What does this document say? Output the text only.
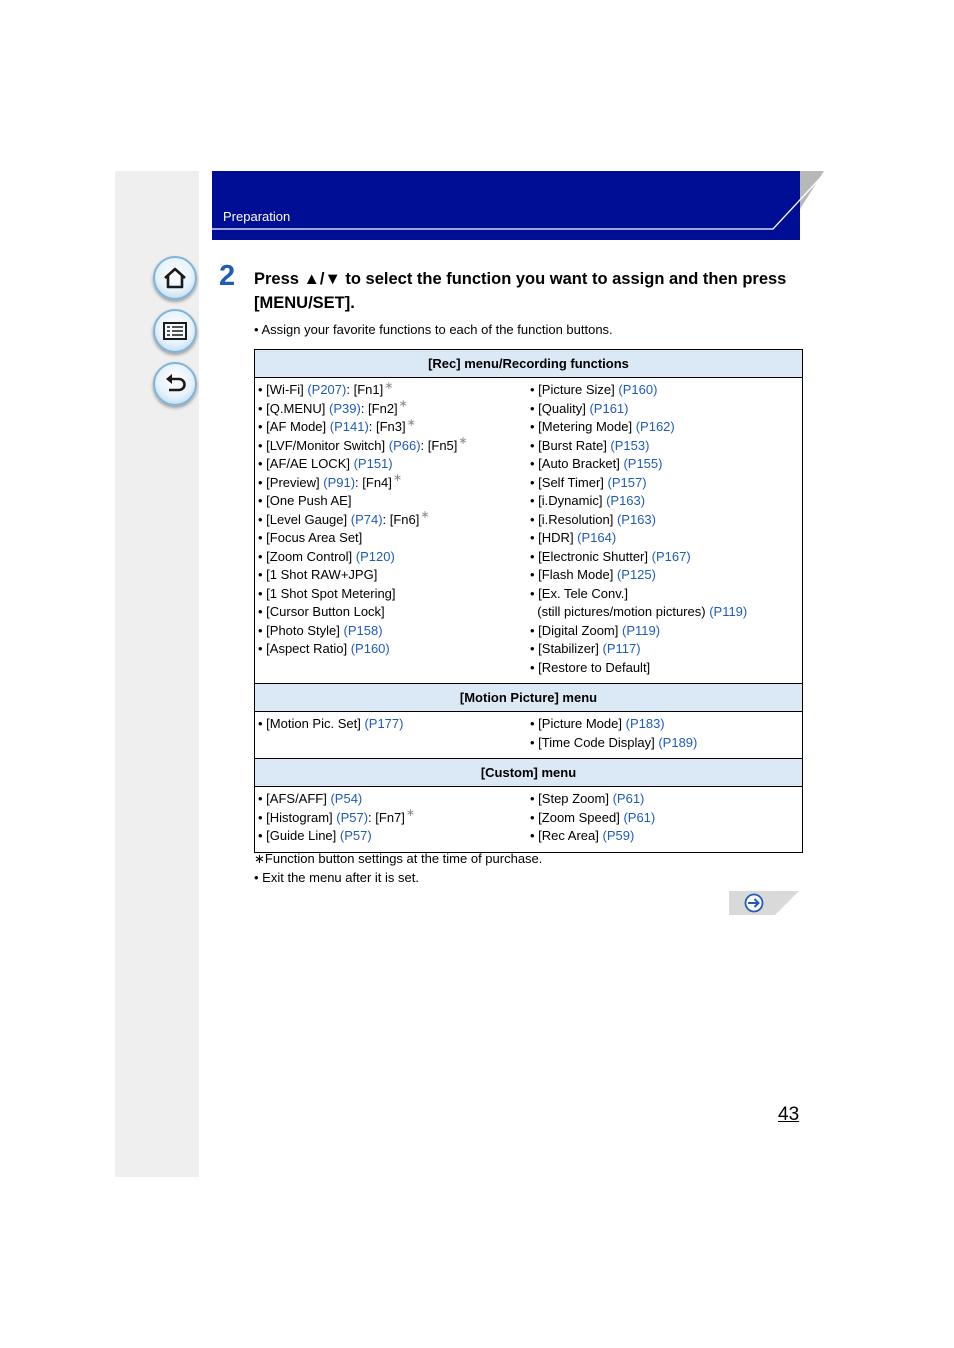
Preparation
2 Press ▲/▼ to select the function you want to assign and then press [MENU/SET].
• Assign your favorite functions to each of the function buttons.
[Rec] menu/Recording functions

• [Wi-Fi] (P207): [Fn1]∗
• [Q.MENU] (P39): [Fn2]∗
• [AF Mode] (P141): [Fn3]∗
• [LVF/Monitor Switch] (P66): [Fn5]∗
• [AF/AE LOCK] (P151)
• [Preview] (P91): [Fn4]∗
• [One Push AE]
• [Level Gauge] (P74): [Fn6]∗
• [Focus Area Set]
• [Zoom Control] (P120)
• [1 Shot RAW+JPG]
• [1 Shot Spot Metering]
• [Cursor Button Lock]
• [Photo Style] (P158)
• [Aspect Ratio] (P160)
• [Picture Size] (P160)
• [Quality] (P161)
• [Metering Mode] (P162)
• [Burst Rate] (P153)
• [Auto Bracket] (P155)
• [Self Timer] (P157)
• [i.Dynamic] (P163)
• [i.Resolution] (P163)
• [HDR] (P164)
• [Electronic Shutter] (P167)
• [Flash Mode] (P125)
• [Ex. Tele Conv.]
(still pictures/motion pictures) (P119)
• [Digital Zoom] (P119)
• [Stabilizer] (P117)
• [Restore to Default]

[Motion Picture] menu

• [Motion Pic. Set] (P177)
•	[Picture Mode] (P183)
• [Time Code Display] (P189)

[Custom] menu

• [AFS/AFF] (P54)
• [Histogram] (P57): [Fn7]∗
• [Guide Line] (P57)
• [Step Zoom] (P61)
• [Zoom Speed] (P61)
• [Rec Area] (P59)
∗Function button settings at the time of purchase.
• Exit the menu after it is set.
43
